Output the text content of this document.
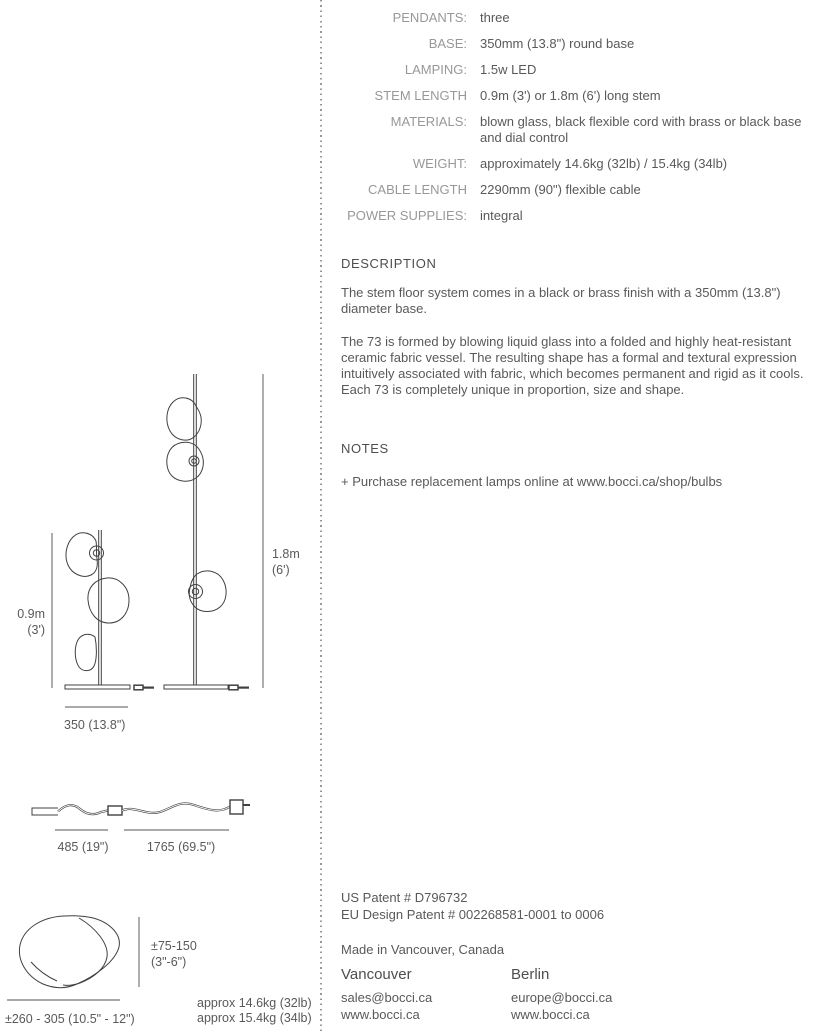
PENDANTS: three
BASE: 350mm (13.8") round base
LAMPING: 1.5w LED
STEM LENGTH 0.9m (3') or 1.8m (6') long stem
MATERIALS: blown glass, black flexible cord with brass or black base and dial control
WEIGHT: approximately 14.6kg (32lb) / 15.4kg (34lb)
CABLE LENGTH 2290mm (90") flexible cable
POWER SUPPLIES: integral
DESCRIPTION

The stem floor system comes in a black or brass finish with a 350mm (13.8") diameter base.

The 73 is formed by blowing liquid glass into a folded and highly heat-resistant ceramic fabric vessel. The resulting shape has a formal and textural expression intuitively associated with fabric, which becomes permanent and rigid as it cools. Each 73 is completely unique in proportion, size and shape.

NOTES
+ Purchase replacement lamps online at www.bocci.ca/shop/bulbs
US Patent # D796732
EU Design Patent # 002268581-0001 to 0006
Made in Vancouver, Canada
Vancouver
sales@bocci.ca
www.bocci.ca
Berlin
europe@bocci.ca
www.bocci.ca
0.9m
(3')
1.8m
(6')
350 (13.8")
485 (19")	1765 (69.5")
±75-150
(3"-6")
±260 - 305 (10.5" - 12")
approx 14.6kg (32lb)
approx 15.4kg (34lb)
